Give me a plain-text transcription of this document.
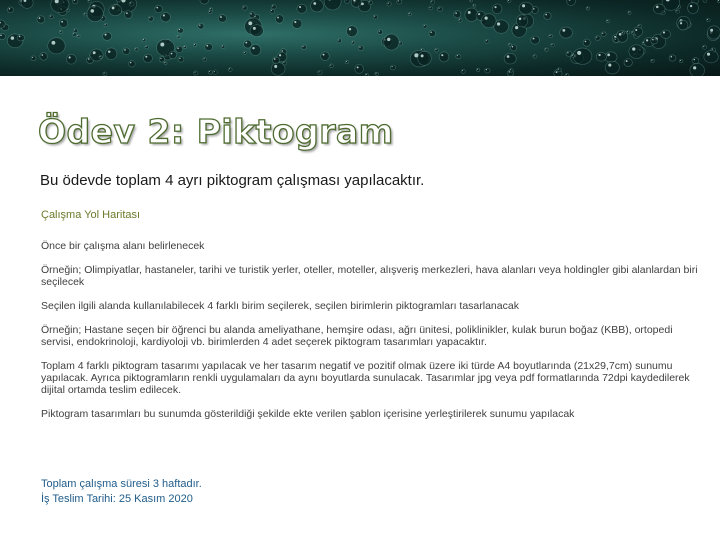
Ödev 2: Piktogram
Bu ödevde toplam 4 ayrı piktogram çalışması yapılacaktır.
Çalışma Yol Haritası
Önce bir çalışma alanı belirlenecek
Örneğin; Olimpiyatlar, hastaneler, tarihi ve turistik yerler, oteller, moteller, alışveriş merkezleri, hava alanları veya holdingler gibi alanlardan biri seçilecek
Seçilen ilgili alanda kullanılabilecek 4 farklı birim seçilerek, seçilen birimlerin piktogramları tasarlanacak
Örneğin; Hastane seçen bir öğrenci bu alanda ameliyathane, hemşire odası, ağrı ünitesi, poliklinikler, kulak burun boğaz (KBB), ortopedi servisi, endokrinoloji, kardiyoloji vb. birimlerden 4 adet seçerek piktogram tasarımları yapacaktır.
Toplam 4 farklı piktogram tasarımı yapılacak ve her tasarım negatif ve pozitif olmak üzere iki türde A4 boyutlarında (21x29,7cm) sunumu yapılacak. Ayrıca piktogramların renkli uygulamaları da aynı boyutlarda sunulacak. Tasarımlar jpg veya pdf formatlarında 72dpi kaydedilerek dijital ortamda teslim edilecek.
Piktogram tasarımları bu sunumda gösterildiği şekilde ekte verilen şablon içerisine yerleştirilerek sunumu yapılacak
Toplam çalışma süresi 3 haftadır.
İş Teslim Tarihi: 25 Kasım 2020
